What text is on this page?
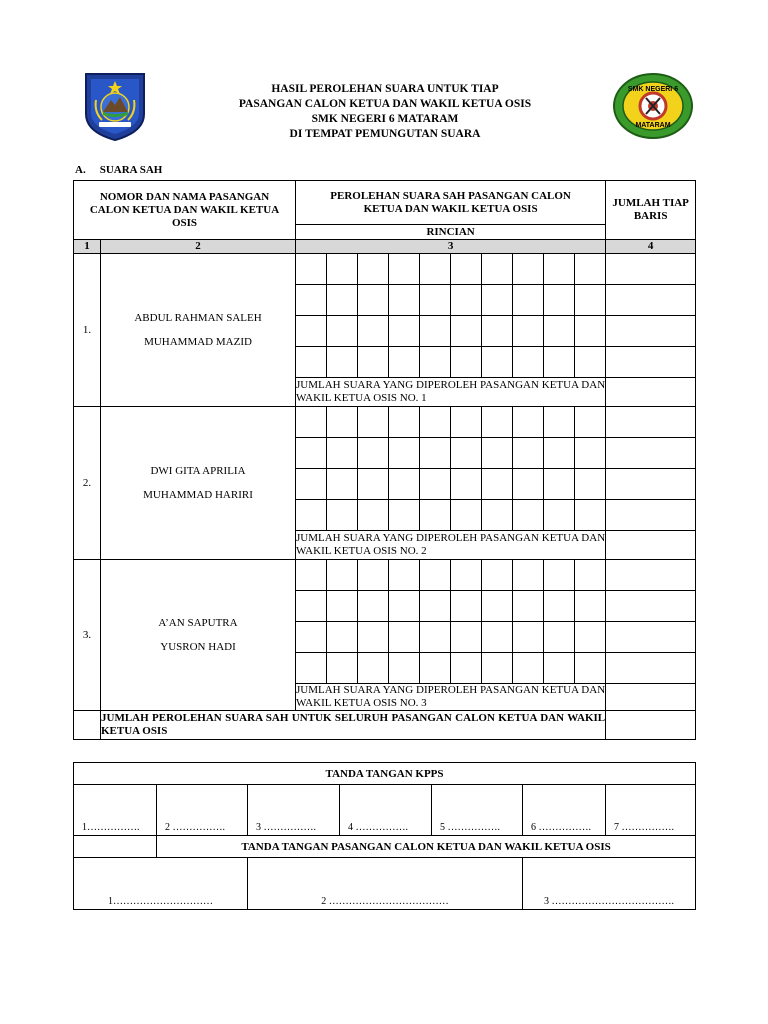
SMK NEGERI 6
MATARAM
HASIL PEROLEHAN SUARA UNTUK TIAP
PASANGAN CALON KETUA DAN WAKIL KETUA OSIS
SMK NEGERI 6 MATARAM
DI TEMPAT PEMUNGUTAN SUARA
A. SUARA SAH
NOMOR DAN NAMA PASANGAN CALON KETUA DAN WAKIL KETUA OSIS		PEROLEHAN SUARA SAH PASANGAN CALON KETUA DAN WAKIL KETUA OSIS										JUMLAH TIAP BARIS
		RINCIAN										
1	2	3										4
1.	ABDUL RAHMAN SALEH
MUHAMMAD MAZID											

		JUMLAH SUARA YANG DIPEROLEH PASANGAN KETUA DAN WAKIL KETUA OSIS NO. 1										
2.	DWI GITA APRILIA
MUHAMMAD HARIRI											

		JUMLAH SUARA YANG DIPEROLEH PASANGAN KETUA DAN WAKIL KETUA OSIS NO. 2										
3.	A’AN SAPUTRA
YUSRON HADI											

		JUMLAH SUARA YANG DIPEROLEH PASANGAN KETUA DAN WAKIL KETUA OSIS NO. 3										
	JUMLAH PEROLEHAN SUARA SAH UNTUK SELURUH PASANGAN CALON KETUA DAN WAKIL KETUA OSIS											
TANDA TANGAN KPPS						
1…………….	2 …………….	3 …………….	4 …………….	5 …………….	6 …………….	7 …………….
	TANDA TANGAN PASANGAN CALON KETUA DAN WAKIL KETUA OSIS					
1…………………………		2 ………………………………			3 ……………………………….	
